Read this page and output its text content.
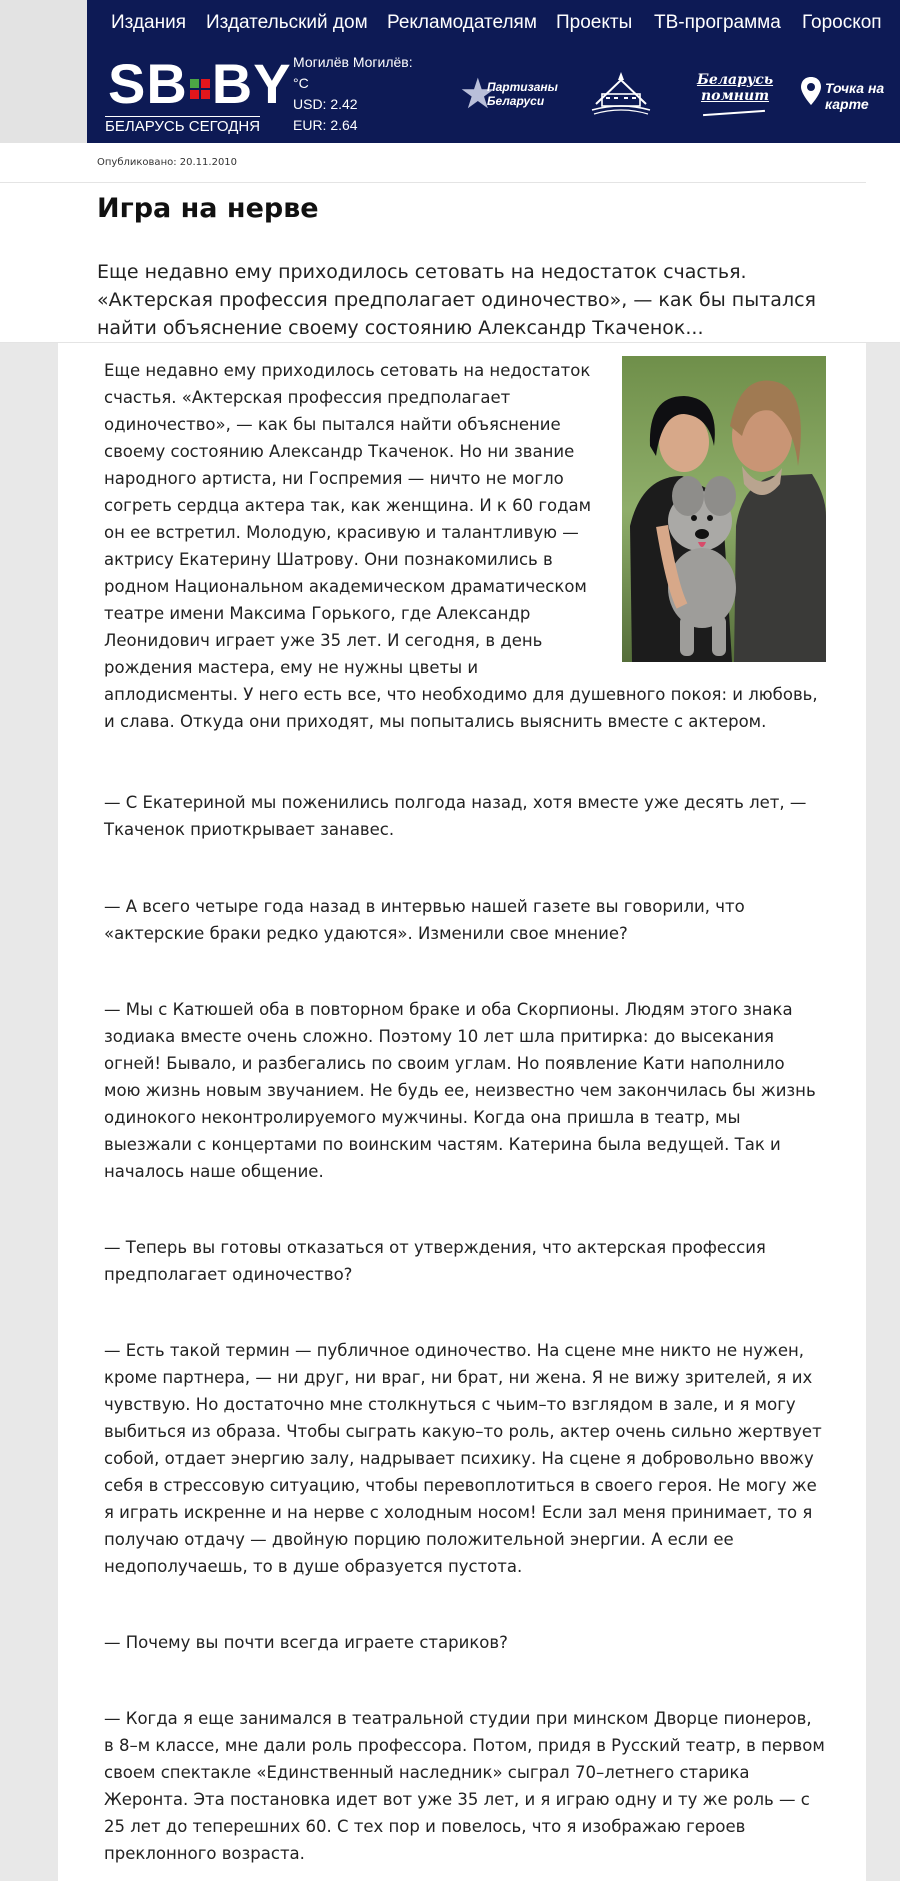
Издания Издательский дом Рекламодателям Проекты ТВ-программа Гороскоп
SB BY
БЕЛАРУСЬ СЕГОДНЯ
Могилёв Могилёв:
°C
USD: 2.42
EUR: 2.64
★
Партизаны Беларуси
Беларусь помнит	Точка на карте
Опубликовано: 20.11.2010
Игра на нерве
Еще недавно ему приходилось сетовать на недостаток счастья. «Актерская профессия предполагает одиночество», — как бы пытался найти объяснение своему состоянию Александр Ткаченок...

Еще недавно ему приходилось сетовать на недостаток счастья. «Актерская профессия предполагает одиночество», — как бы пытался найти объяснение своему состоянию Александр Ткаченок. Но ни звание народного артиста, ни Госпремия — ничто не могло согреть сердца актера так, как женщина. И к 60 годам он ее встретил. Молодую, красивую и талантливую — актрису Екатерину Шатрову. Они познакомились в родном Национальном академическом драматическом театре имени Максима Горького, где Александр Леонидович играет уже 35 лет. И сегодня, в день рождения мастера, ему не нужны цветы и аплодисменты. У него есть все, что необходимо для душевного покоя: и любовь, и слава. Откуда они приходят, мы попытались выяснить вместе с актером.

— С Екатериной мы поженились полгода назад, хотя вместе уже десять лет, — Ткаченок приоткрывает занавес.

— А всего четыре года назад в интервью нашей газете вы говорили, что «актерские браки редко удаются». Изменили свое мнение?

— Мы с Катюшей оба в повторном браке и оба Скорпионы. Людям этого знака зодиака вместе очень сложно. Поэтому 10 лет шла притирка: до высекания огней! Бывало, и разбегались по своим углам. Но появление Кати наполнило мою жизнь новым звучанием. Не будь ее, неизвестно чем закончилась бы жизнь одинокого неконтролируемого мужчины. Когда она пришла в театр, мы выезжали с концертами по воинским частям. Катерина была ведущей. Так и началось наше общение.

— Теперь вы готовы отказаться от утверждения, что актерская профессия предполагает одиночество?

— Есть такой термин — публичное одиночество. На сцене мне никто не нужен, кроме партнера, — ни друг, ни враг, ни брат, ни жена. Я не вижу зрителей, я их чувствую. Но достаточно мне столкнуться с чьим–то взглядом в зале, и я могу выбиться из образа. Чтобы сыграть какую–то роль, актер очень сильно жертвует собой, отдает энергию залу, надрывает психику. На сцене я добровольно ввожу себя в стрессовую ситуацию, чтобы перевоплотиться в своего героя. Не могу же я играть искренне и на нерве с холодным носом! Если зал меня принимает, то я получаю отдачу — двойную порцию положительной энергии. А если ее недополучаешь, то в душе образуется пустота.

— Почему вы почти всегда играете стариков?

— Когда я еще занимался в театральной студии при минском Дворце пионеров, в 8–м классе, мне дали роль профессора. Потом, придя в Русский театр, в первом своем спектакле «Единственный наследник» сыграл 70–летнего старика Жеронта. Эта постановка идет вот уже 35 лет, и я играю одну и ту же роль — с 25 лет до теперешних 60. С тех пор и повелось, что я изображаю героев преклонного возраста.
